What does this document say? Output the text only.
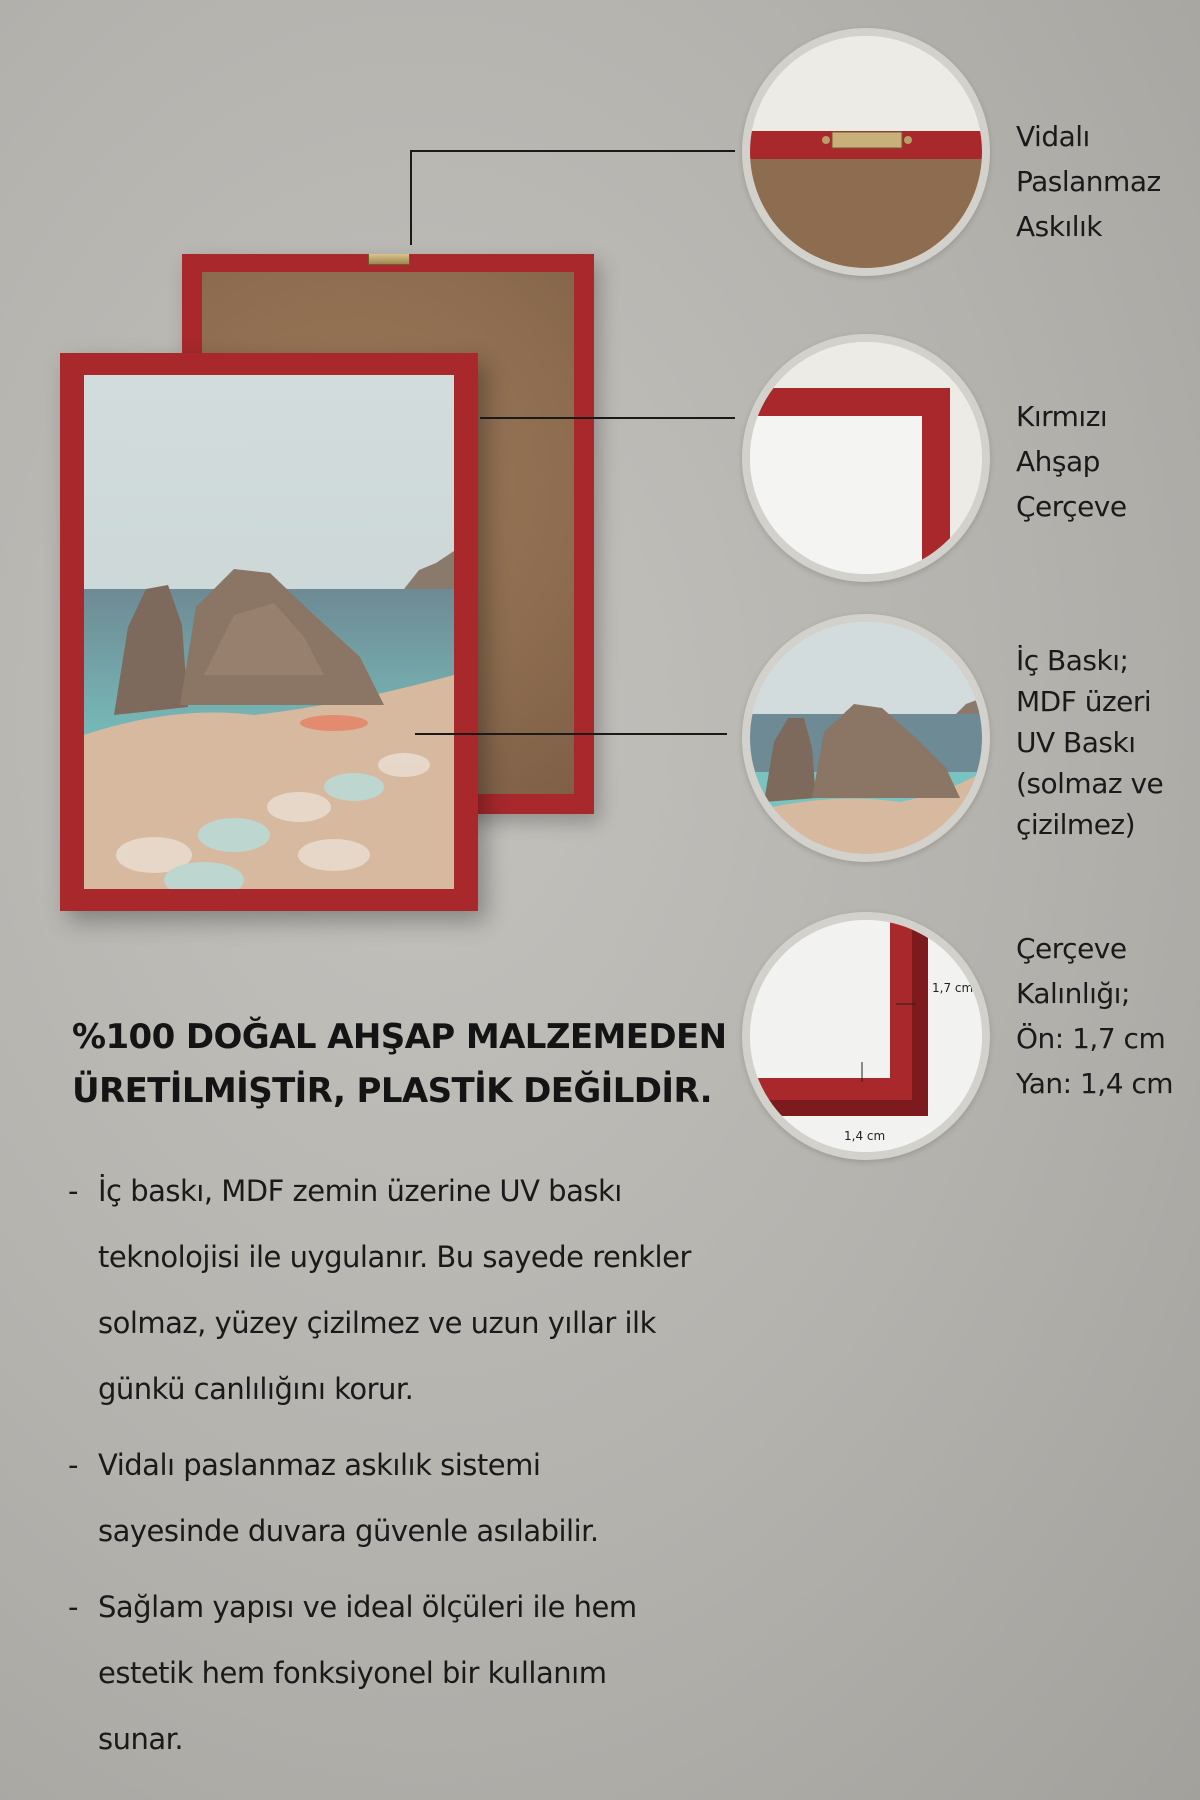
Vidalı
Paslanmaz
Askılık
Kırmızı
Ahşap
Çerçeve
İç Baskı;
MDF üzeri
UV Baskı
(solmaz ve
çizilmez)
1,7 cm
1,4 cm
Çerçeve
Kalınlığı;
Ön: 1,7 cm
Yan: 1,4 cm
%100 DOĞAL AHŞAP MALZEMEDEN
ÜRETİLMİŞTİR, PLASTİK DEĞİLDİR.
- İç baskı, MDF zemin üzerine UV baskı
teknolojisi ile uygulanır. Bu sayede renkler
solmaz, yüzey çizilmez ve uzun yıllar ilk
günkü canlılığını korur.
- Vidalı paslanmaz askılık sistemi
sayesinde duvara güvenle asılabilir.
- Sağlam yapısı ve ideal ölçüleri ile hem
estetik hem fonksiyonel bir kullanım
sunar.
